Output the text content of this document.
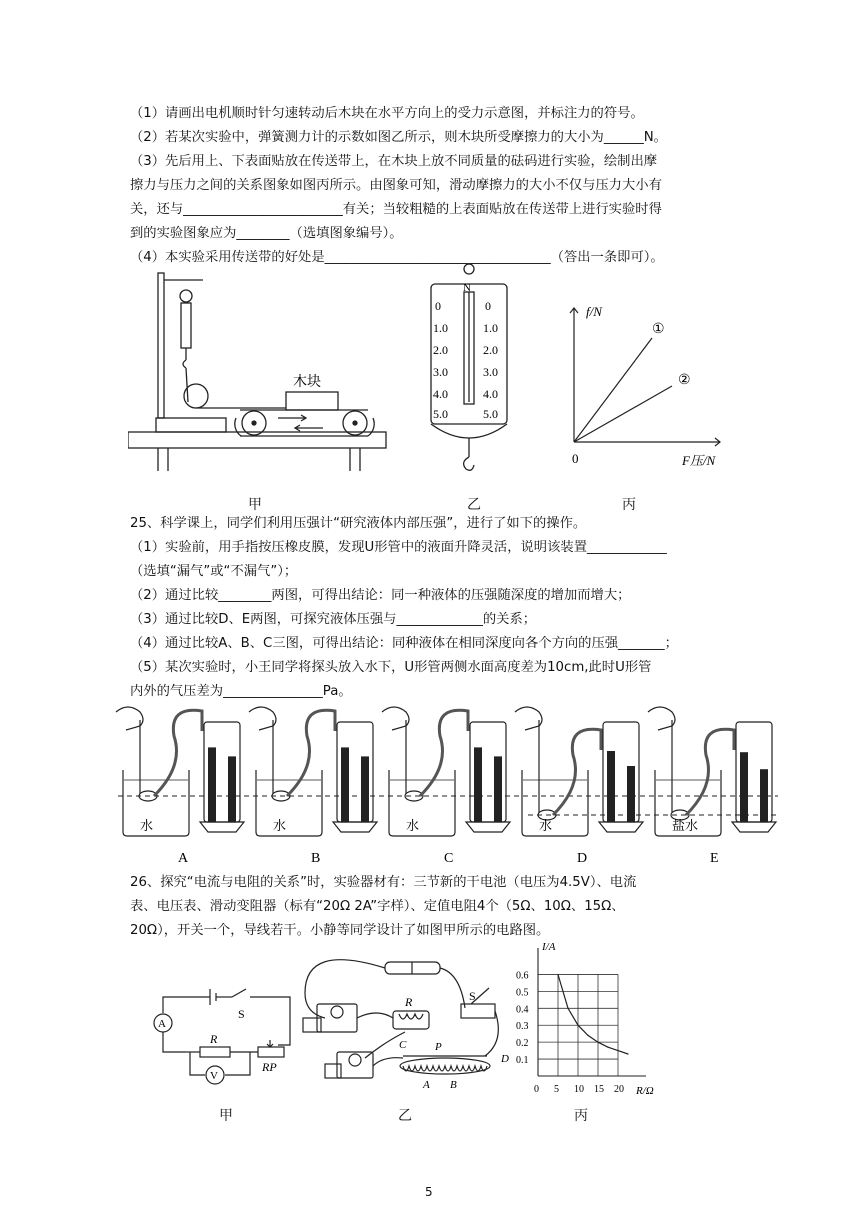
（1）请画出电机顺时针匀速转动后木块在水平方向上的受力示意图，并标注力的符号。
（2）若某次实验中，弹簧测力计的示数如图乙所示，则木块所受摩擦力的大小为______N。
（3）先后用上、下表面贴放在传送带上，在木块上放不同质量的砝码进行实验，绘制出摩
擦力与压力之间的关系图象如图丙所示。由图象可知，滑动摩擦力的大小不仅与压力大小有
关，还与________________________有关；当较粗糙的上表面贴放在传送带上进行实验时得
到的实验图象应为________（选填图象编号）。
（4）本实验采用传送带的好处是__________________________________（答出一条即可）。
木块
甲
N
0
1.0
2.0
3.0
4.0
5.0
0
1.0
2.0
3.0
4.0
5.0
乙
f/N
0	F压/N
①
②
丙
25、科学课上，同学们利用压强计“研究液体内部压强”，进行了如下的操作。
（1）实验前，用手指按压橡皮膜，发现U形管中的液面升降灵活，说明该装置____________
（选填“漏气”或“不漏气”）；
（2）通过比较________两图，可得出结论：同一种液体的压强随深度的增加而增大；
（3）通过比较D、E两图，可探究液体压强与_____________的关系；
（4）通过比较A、B、C三图，可得出结论：同种液体在相同深度向各个方向的压强_______；
（5）某次实验时，小王同学将探头放入水下，U形管两侧水面高度差为10cm,此时U形管
内外的气压差为_______________Pa。
水
A
水
B
水
C
水
D
盐水
E
26、探究“电流与电阻的关系”时，实验器材有：三节新的干电池（电压为4.5V）、电流
表、电压表、滑动变阻器（标有“20Ω 2A”字样）、定值电阻4个（5Ω、10Ω、15Ω、
20Ω），开关一个，导线若干。小静等同学设计了如图甲所示的电路图。
A
V
S
R
RP
甲
R	S
C	P
D
A B
乙
0 5 10 15 20
0.1
0.2
0.3
0.4
0.5
0.6
I/A
R/Ω
丙
5
